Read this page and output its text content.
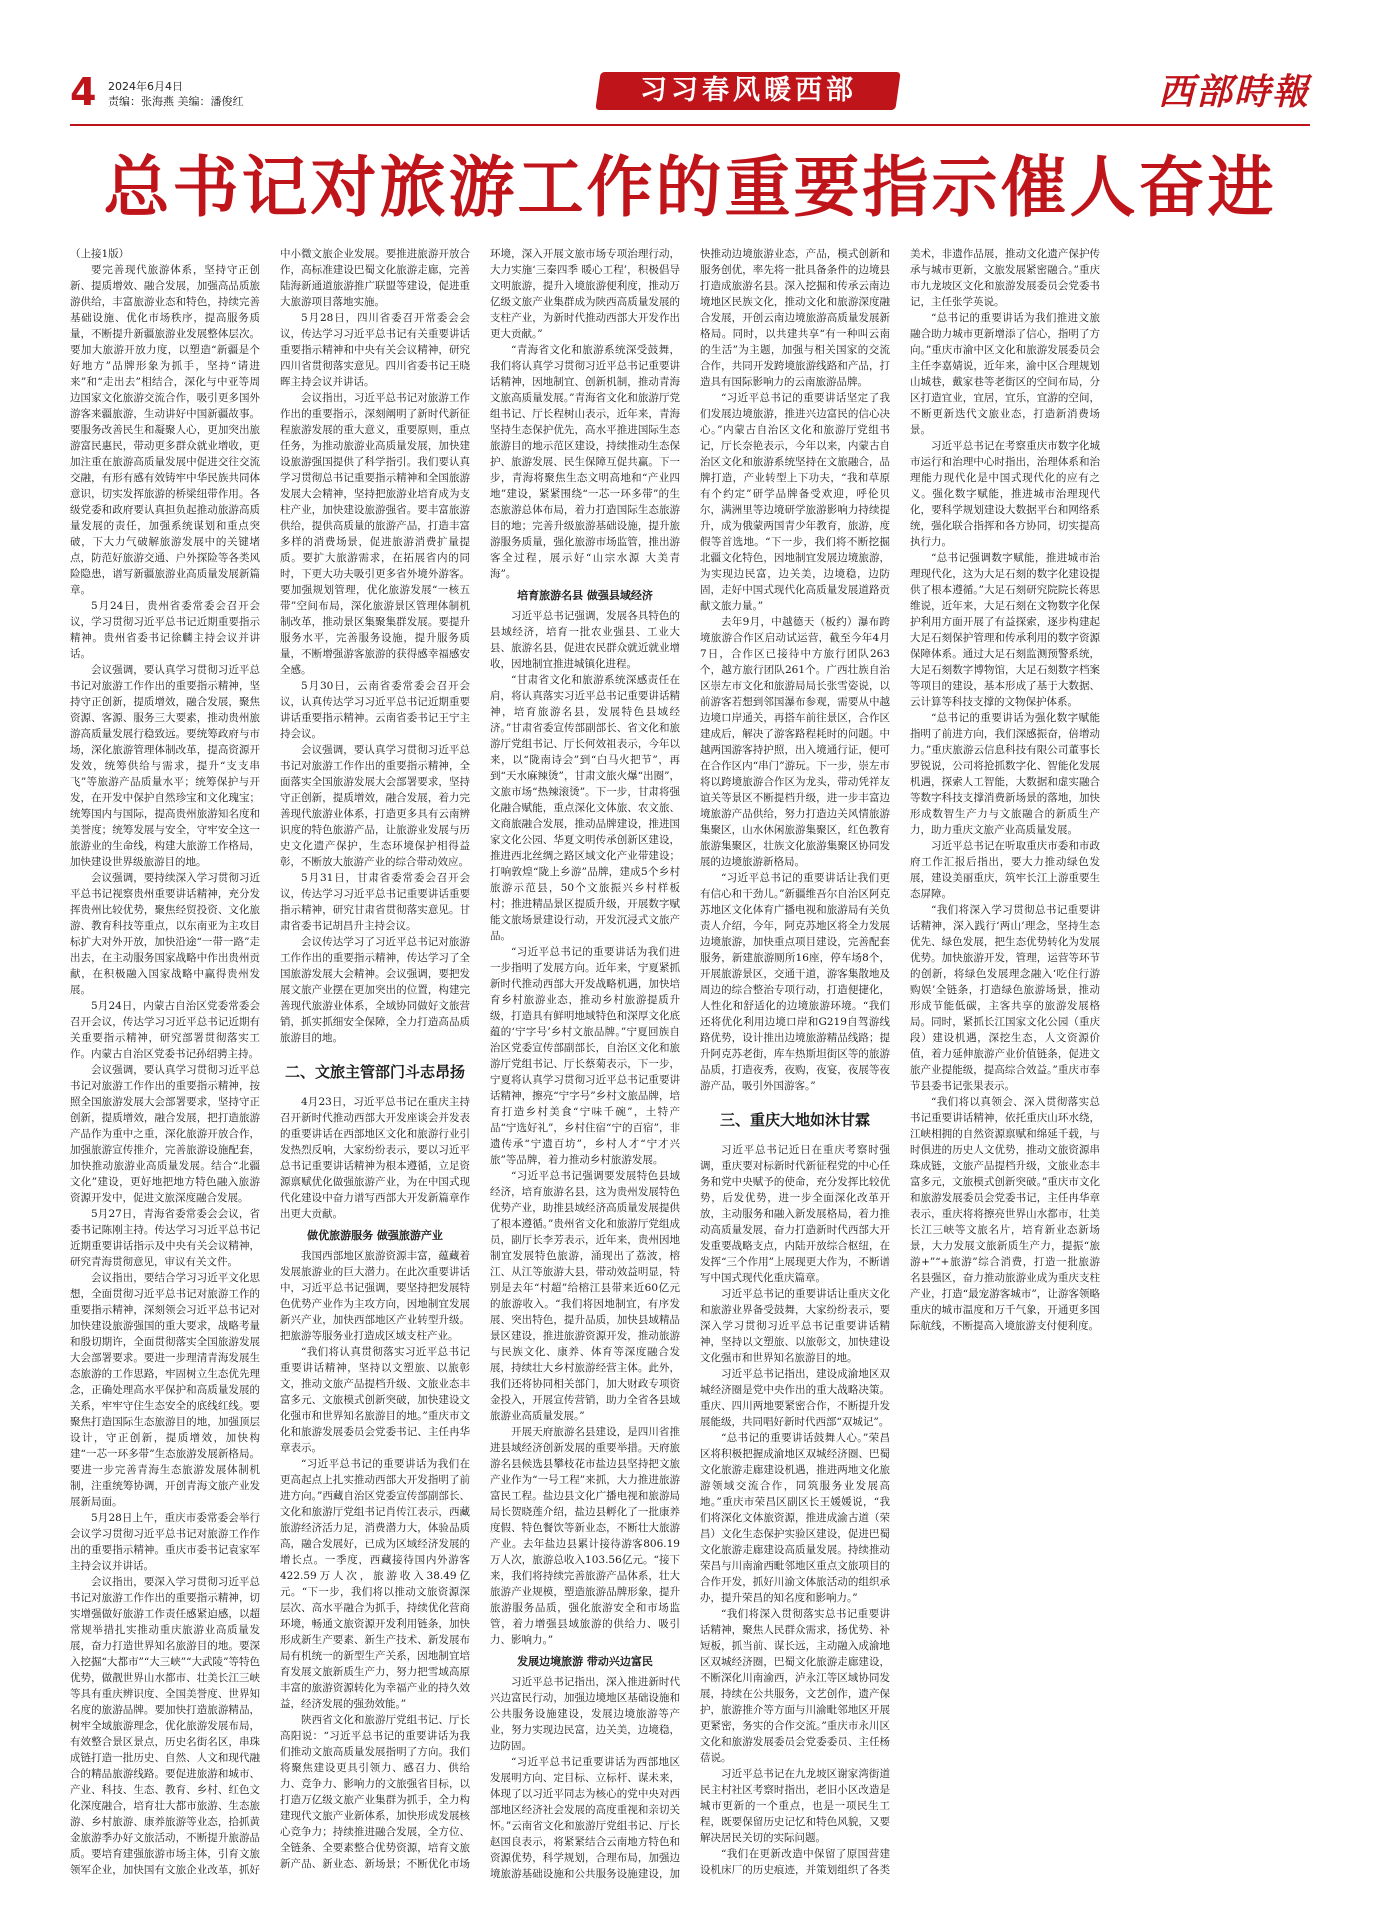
4 2024年6月4日
责编：张海燕 美编：潘俊红	习习春风暖西部	西部時報
总书记对旅游工作的重要指示催人奋进

（上接1版）

要完善现代旅游体系，坚持守正创新、提质增效、融合发展，加强高品质旅游供给，丰富旅游业态和特色，持续完善基础设施、优化市场秩序，提高服务质量，不断提升新疆旅游业发展整体层次。要加大旅游开放力度，以塑造“新疆是个好地方”品牌形象为抓手，坚持“请进来”和“走出去”相结合，深化与中亚等周边国家文化旅游交流合作，吸引更多国外游客来疆旅游，生动讲好中国新疆故事。要服务改善民生和凝聚人心，更加突出旅游富民惠民，带动更多群众就业增收，更加注重在旅游高质量发展中促进交往交流交融，有形有感有效铸牢中华民族共同体意识，切实发挥旅游的桥梁纽带作用。各级党委和政府要认真担负起推动旅游高质量发展的责任，加强系统谋划和重点突破，下大力气破解旅游发展中的关键堵点，防范好旅游交通、户外探险等各类风险隐患，谱写新疆旅游业高质量发展新篇章。

5月24日，贵州省委常委会召开会议，学习贯彻习近平总书记近期重要指示精神。贵州省委书记徐麟主持会议并讲话。

会议强调，要认真学习贯彻习近平总书记对旅游工作作出的重要指示精神，坚持守正创新，提质增效，融合发展，聚焦资源、客源、服务三大要素，推动贵州旅游高质量发展行稳致远。要统筹政府与市场，深化旅游管理体制改革，提高资源开发效，统筹供给与需求，提升“支支串飞”等旅游产品质量水平；统筹保护与开发，在开发中保护自然珍宝和文化瑰宝；统筹国内与国际，提高贵州旅游知名度和美誉度；统筹发展与安全，守牢安全这一旅游业的生命线，构建大旅游工作格局，加快建设世界级旅游目的地。

会议强调，要持续深入学习贯彻习近平总书记视察贵州重要讲话精神，充分发挥贵州比较优势，聚焦经贸投资、文化旅游、教育科技等重点，以东南亚为主攻目标扩大对外开放，加快沿途“一带一路”走出去，在主动服务国家战略中作出贵州贡献，在积极融入国家战略中赢得贵州发展。

5月24日，内蒙古自治区党委常委会召开会议，传达学习习近平总书记近期有关重要指示精神，研究部署贯彻落实工作。内蒙古自治区党委书记孙绍骋主持。

会议强调，要认真学习贯彻习近平总书记对旅游工作作出的重要指示精神，按照全国旅游发展大会部署要求，坚持守正创新，提质增效，融合发展，把打造旅游产品作为重中之重，深化旅游开放合作，加强旅游宣传推介，完善旅游设施配套，加快推动旅游业高质量发展。结合“北疆文化”建设，更好地把地方特色融入旅游资源开发中，促进文旅深度融合发展。

5月27日，青海省委常委会会议，省委书记陈刚主持。传达学习习近平总书记近期重要讲话指示及中央有关会议精神，研究青海贯彻意见，审议有关文件。

会议指出，要结合学习习近平文化思想，全面贯彻习近平总书记对旅游工作的重要指示精神，深刻领会习近平总书记对加快建设旅游强国的重大要求，战略考量和殷切期许，全面贯彻落实全国旅游发展大会部署要求。要进一步理清青海发展生态旅游的工作思路，牢固树立生态优先理念，正确处理高水平保护和高质量发展的关系，牢牢守住生态安全的底线红线。要聚焦打造国际生态旅游目的地，加强顶层设计，守正创新，提质增效，加快构建“一芯一环多带”生态旅游发展新格局。要进一步完善青海生态旅游发展体制机制，注重统筹协调，开创青海文旅产业发展新局面。

5月28日上午，重庆市委常委会举行会议学习贯彻习近平总书记对旅游工作作出的重要指示精神。重庆市委书记袁家军主持会议并讲话。

会议指出，要深入学习贯彻习近平总书记对旅游工作作出的重要指示精神，切实增强做好旅游工作责任感紧迫感，以超常规举措扎实推动重庆旅游业高质量发展，奋力打造世界知名旅游目的地。要深入挖掘“大都市”“大三峡”“大武陵”等特色优势，做靓世界山水都市、壮美长江三峡等具有重庆辨识度、全国美誉度、世界知名度的旅游品牌。要加快打造旅游精品，树牢全域旅游理念，优化旅游发展布局，有效整合景区景点，历史名街名区，串珠成链打造一批历史、自然、人文和现代融合的精品旅游线路。要促进旅游和城市、产业、科技、生态、教育、乡村、红色文化深度融合，培育壮大都市旅游、生态旅游、乡村旅游、康养旅游等业态，拾抓黄金旅游季办好文旅活动，不断提升旅游品质。要培育建强旅游市场主体，引育文旅领军企业，加快国有文旅企业改革，抓好中小微文旅企业发展。要推进旅游开放合作，高标准建设巴蜀文化旅游走廊，完善陆海新通道旅游推广联盟等建设，促进重大旅游项目落地实施。

5月28日，四川省委召开常委会会议，传达学习习近平总书记有关重要讲话重要指示精神和中央有关会议精神，研究四川省贯彻落实意见。四川省委书记王晓晖主持会议并讲话。

会议指出，习近平总书记对旅游工作作出的重要指示，深刻阐明了新时代新征程旅游发展的重大意义，重要原则，重点任务，为推动旅游业高质量发展，加快建设旅游强国提供了科学指引。我们要认真学习贯彻总书记重要指示精神和全国旅游发展大会精神，坚持把旅游业培育成为支柱产业，加快建设旅游强省。要丰富旅游供给，提供高质量的旅游产品，打造丰富多样的消费场景，促进旅游消费扩量提质。要扩大旅游需求，在拓展省内的同时，下更大功夫吸引更多省外境外游客。要加强规划管理，优化旅游发展“一核五带”空间布局，深化旅游景区管理体制机制改革，推动景区集聚集群发展。要提升服务水平，完善服务设施，提升服务质量，不断增强游客旅游的获得感幸福感安全感。

5月30日，云南省委常委会召开会议，认真传达学习习近平总书记近期重要讲话重要指示精神。云南省委书记王宁主持会议。

会议强调，要认真学习贯彻习近平总书记对旅游工作作出的重要指示精神，全面落实全国旅游发展大会部署要求，坚持守正创新，提质增效，融合发展，着力完善现代旅游业体系，打造更多具有云南辨识度的特色旅游产品，让旅游业发展与历史文化遗产保护，生态环境保护相得益彰，不断放大旅游产业的综合带动效应。

5月31日，甘肃省委常委会召开会议，传达学习习近平总书记重要讲话重要指示精神，研究甘肃省贯彻落实意见。甘肃省委书记胡昌升主持会议。

会议传达学习了习近平总书记对旅游工作作出的重要指示精神，传达学习了全国旅游发展大会精神。会议强调，要把发展文旅产业摆在更加突出的位置，构建完善现代旅游业体系，全域协同做好文旅营销，抓实抓细安全保障，全力打造高品质旅游目的地。

二、文旅主管部门斗志昂扬

4月23日，习近平总书记在重庆主持召开新时代推动西部大开发座谈会并发表的重要讲话在西部地区文化和旅游行业引发热烈反响，大家纷纷表示，要以习近平总书记重要讲话精神为根本遵循，立足资源禀赋优化做强旅游产业，为在中国式现代化建设中奋力谱写西部大开发新篇章作出更大贡献。

做优旅游服务 做强旅游产业

我国西部地区旅游资源丰富，蕴藏着发展旅游业的巨大潜力。在此次重要讲话中，习近平总书记强调，要坚持把发展特色优势产业作为主攻方向，因地制宜发展新兴产业，加快西部地区产业转型升级。把旅游等服务业打造成区域支柱产业。

“我们将认真贯彻落实习近平总书记重要讲话精神，坚持以文塑旅、以旅彰文，推动文旅产品提档升级、文旅业态丰富多元、文旅模式创新突破，加快建设文化强市和世界知名旅游目的地。”重庆市文化和旅游发展委员会党委书记、主任冉华章表示。

“习近平总书记的重要讲话为我们在更高起点上扎实推动西部大开发指明了前进方向。”西藏自治区党委宣传部副部长、文化和旅游厅党组书记肖传江表示，西藏旅游经济活力足，消费潜力大，体验品质高，融合发展好，已成为区域经济发展的增长点。一季度，西藏接待国内外游客422.59万人次，旅游收入38.49亿元。“下一步，我们将以推动文旅资源深层次、高水平融合为抓手，持续优化营商环境，畅通文旅资源开发利用链条，加快形成新生产要素、新生产技术、新发展布局有机统一的新型生产关系，因地制宜培育发展文旅新质生产力，努力把雪域高原丰富的旅游资源转化为幸福产业的持久效益，经济发展的强劲效能。”

陕西省文化和旅游厅党组书记、厅长高阳说：“习近平总书记的重要讲话为我们推动文旅高质量发展指明了方向。我们将聚焦建设更具引领力、感召力、供给力、竞争力、影响力的文旅强省目标，以打造万亿级文旅产业集群为抓手，全力构建现代文旅产业新体系，加快形成发展核心竞争力；持续推进融合发展，全方位、全链条、全要素整合优势资源，培育文旅新产品、新业态、新场景；不断优化市场环境，深入开展文旅市场专项治理行动，大力实施‘三秦四季 暖心工程’，积极倡导文明旅游，提升入境旅游便利度，推动万亿级文旅产业集群成为陕西高质量发展的支柱产业，为新时代推动西部大开发作出更大贡献。”

“青海省文化和旅游系统深受鼓舞，我们将认真学习贯彻习近平总书记重要讲话精神，因地制宜、创新机制，推动青海文旅高质量发展。”青海省文化和旅游厅党组书记、厅长程树山表示，近年来，青海坚持生态保护优先，高水平推进国际生态旅游目的地示范区建设，持续推动生态保护、旅游发展、民生保障互促共赢。下一步，青海将聚焦生态文明高地和“产业四地”建设，紧紧围绕“一芯一环多带”的生态旅游总体布局，着力打造国际生态旅游目的地；完善升级旅游基础设施，提升旅游服务质量，强化旅游市场监管，推出游客全过程，展示好“山宗水源 大美青海”。

培育旅游名县 做强县域经济

习近平总书记强调，发展各具特色的县域经济，培育一批农业强县、工业大县、旅游名县，促进农民群众就近就业增收，因地制宜推进城镇化进程。

“甘肃省文化和旅游系统深感责任在肩，将认真落实习近平总书记重要讲话精神，培育旅游名县，发展特色县域经济。”甘肃省委宣传部副部长、省文化和旅游厅党组书记、厅长何效祖表示，今年以来，以“陇南诗会”到“白马火把节”，再到“天水麻辣烫”，甘肃文旅火爆“出圈”，文旅市场“热辣滚烫”。下一步，甘肃将强化融合赋能，重点深化文体旅、农文旅、文商旅融合发展，推动品牌建设，推进国家文化公园、华夏文明传承创新区建设，推进西北丝绸之路区域文化产业带建设；打响敦煌“陇上乡游”品牌，建成5个乡村旅游示范县，50个文旅振兴乡村样板村；推进精品景区提质升级，开展数字赋能文旅场景建设行动，开发沉浸式文旅产品。

“习近平总书记的重要讲话为我们进一步指明了发展方向。近年来，宁夏紧抓新时代推动西部大开发战略机遇，加快培育乡村旅游业态，推动乡村旅游提质升级，打造具有鲜明地域特色和深厚文化底蕴的‘宁字号’乡村文旅品牌。”宁夏回族自治区党委宣传部副部长，自治区文化和旅游厅党组书记、厅长蔡菊表示，下一步，宁夏将认真学习贯彻习近平总书记重要讲话精神，擦亮“宁字号”乡村文旅品牌，培育打造乡村美食“宁味千碗”，土特产品“宁选好礼”，乡村住宿“宁的百宿”，非遗传承“宁遗百坊”，乡村人才“宁才兴旅”等品牌，着力推动乡村旅游发展。

“习近平总书记强调要发展特色县域经济，培育旅游名县，这为贵州发展特色优势产业，助推县域经济高质量发展提供了根本遵循。”贵州省文化和旅游厅党组成员，副厅长李芳表示，近年来，贵州因地制宜发展特色旅游，涌现出了荔波，榕江、从江等旅游大县，带动效益明显，特别是去年“村超”给榕江县带来近60亿元的旅游收入。“我们将因地制宜，有序发展、突出特色，提升品质，加快县域精品景区建设，推进旅游资源开发，推动旅游与民族文化、康养、体育等深度融合发展，持续壮大乡村旅游经营主体。此外，我们还将协同相关部门，加大财政专项资金投入，开展宣传营销，助力全省各县域旅游业高质量发展。”

开展天府旅游名县建设，是四川省推进县域经济创新发展的重要举措。天府旅游名县候选县攀枝花市盐边县坚持把文旅产业作为“一号工程”来抓，大力推进旅游富民工程。盐边县文化广播电视和旅游局局长贺晓莲介绍，盐边县孵化了一批康养度假、特色餐饮等新业态，不断壮大旅游产业。去年盐边县累计接待游客806.19万人次，旅游总收入103.56亿元。“接下来，我们将持续完善旅游产品体系，壮大旅游产业规模，塑造旅游品牌形象，提升旅游服务品质，强化旅游安全和市场监管，着力增强县域旅游的供给力、吸引力、影响力。”

发展边境旅游 带动兴边富民

习近平总书记指出，深入推进新时代兴边富民行动，加强边境地区基础设施和公共服务设施建设，发展边境旅游等产业，努力实现边民富，边关美，边境稳，边防固。

“习近平总书记重要讲话为西部地区发展明方向、定目标、立标杆、谋未来，体现了以习近平同志为核心的党中央对西部地区经济社会发展的高度重视和亲切关怀。”云南省文化和旅游厅党组书记、厅长赵国良表示，将紧紧结合云南地方特色和资源优势，科学规划，合理布局，加强边境旅游基础设施和公共服务设施建设，加快推动边境旅游业态，产品，模式创新和服务创优，率先将一批具备条件的边境县打造成旅游名县。深入挖掘和传承云南边境地区民族文化，推动文化和旅游深度融合发展，开创云南边境旅游高质量发展新格局。同时，以共建共享“有一种叫云南的生活”为主题，加强与相关国家的交流合作，共同开发跨境旅游线路和产品，打造具有国际影响力的云南旅游品牌。

“习近平总书记的重要讲话坚定了我们发展边境旅游，推进兴边富民的信心决心。”内蒙古自治区文化和旅游厅党组书记，厅长奈艳表示，今年以来，内蒙古自治区文化和旅游系统坚持在文旅融合，品牌打造，产业转型上下功夫，“我和草原有个约定”研学品牌备受欢迎，呼伦贝尔，满洲里等边境研学旅游影响力持续提升，成为俄蒙两国青少年教育，旅游，度假等首选地。“下一步，我们将不断挖掘北疆文化特色，因地制宜发展边境旅游，为实现边民富，边关美，边境稳，边防固，走好中国式现代化高质量发展道路贡献文旅力量。”

去年9月，中越德天（板约）瀑布跨境旅游合作区启动试运营，截至今年4月7日，合作区已接待中方旅行团队263个，越方旅行团队261个。广西壮族自治区崇左市文化和旅游局局长张雪姿说，以前游客若想到邻国瀑布参观，需要从中越边境口岸通关，再搭车前往景区，合作区建成后，解决了游客路程耗时的问题。中越两国游客持护照，出入境通行证，便可在合作区内“串门”游玩。下一步，崇左市将以跨境旅游合作区为龙头，带动凭祥友谊关等景区不断提档升级，进一步丰富边境旅游产品供给，努力打造边关风情旅游集聚区，山水休闲旅游集聚区，红色教育旅游集聚区，壮族文化旅游集聚区协同发展的边境旅游新格局。

“习近平总书记的重要讲话让我们更有信心和干劲儿。”新疆维吾尔自治区阿克苏地区文化体育广播电视和旅游局有关负责人介绍，今年，阿克苏地区将全力发展边境旅游，加快重点项目建设，完善配套服务，新建旅游厕所16座，停车场8个，开展旅游景区，交通干道，游客集散地及周边的综合整治专项行动，打造便捷化，人性化和舒适化的边境旅游环境。“我们还将优化利用边境口岸和G219自驾游线路优势，设计推出边境旅游精品线路；提升阿克苏老街，库车热斯坦街区等的旅游品质，打造夜秀，夜购，夜宴，夜展等夜游产品，吸引外国游客。”

三、重庆大地如沐甘霖

习近平总书记近日在重庆考察时强调，重庆要对标新时代新征程党的中心任务和党中央赋予的使命，充分发挥比较优势，后发优势，进一步全面深化改革开放，主动服务和融入新发展格局，着力推动高质量发展，奋力打造新时代西部大开发重要战略支点，内陆开放综合枢纽，在发挥“三个作用”上展现更大作为，不断谱写中国式现代化重庆篇章。

习近平总书记的重要讲话让重庆文化和旅游业界备受鼓舞，大家纷纷表示，要深入学习贯彻习近平总书记重要讲话精神，坚持以文塑旅、以旅彰文，加快建设文化强市和世界知名旅游目的地。

习近平总书记指出，建设成渝地区双城经济圈是党中央作出的重大战略决策。重庆、四川两地要紧密合作，不断提升发展能级，共同唱好新时代西部“双城记”。

“总书记的重要讲话鼓舞人心。”荣昌区将积极把握成渝地区双城经济圈、巴蜀文化旅游走廊建设机遇，推进两地文化旅游领域交流合作，同筑服务业发展高地。”重庆市荣昌区副区长王媛媛说，“我们将深化文体旅资源，推进成渝古道（荣昌）文化生态保护实验区建设，促进巴蜀文化旅游走廊建设高质量发展。持续推动荣昌与川南渝西毗邻地区重点文旅项目的合作开发，抓好川渝文体旅活动的组织承办，提升荣昌的知名度和影响力。”

“我们将深入贯彻落实总书记重要讲话精神，聚焦人民群众需求，扬优势、补短板，抓当前、谋长远，主动融入成渝地区双城经济圈，巴蜀文化旅游走廊建设，不断深化川南渝西，泸永江等区域协同发展，持续在公共服务，文艺创作，遗产保护，旅游推介等方面与川渝毗邻地区开展更紧密，务实的合作交流。”重庆市永川区文化和旅游发展委员会党委委员、主任杨蓓说。

习近平总书记在九龙坡区谢家湾街道民主村社区考察时指出，老旧小区改造是城市更新的一个重点，也是一项民生工程，既要保留历史记忆和特色风貌，又要解决居民关切的实际问题。

“我们在更新改造中保留了原国营建设机床厂的历史痕迹，并策划组织了各类美术，非遗作品展，推动文化遗产保护传承与城市更新，文旅发展紧密融合。”重庆市九龙坡区文化和旅游发展委员会党委书记，主任张学英说。

“总书记的重要讲话为我们推进文旅融合助力城市更新增添了信心，指明了方向。”重庆市渝中区文化和旅游发展委员会主任李嘉婧说，近年来，渝中区合理规划山城巷，戴家巷等老街区的空间布局，分区打造宜业，宜居，宜乐，宜游的空间，不断更新迭代文旅业态，打造新消费场景。

习近平总书记在考察重庆市数字化城市运行和治理中心时指出，治理体系和治理能力现代化是中国式现代化的应有之义。强化数字赋能，推进城市治理现代化，要科学规划建设大数据平台和网络系统，强化联合指挥和各方协同，切实提高执行力。

“总书记强调数字赋能，推进城市治理现代化，这为大足石刻的数字化建设提供了根本遵循。”大足石刻研究院院长蒋思维说，近年来，大足石刻在文物数字化保护利用方面开展了有益探索，逐步构建起大足石刻保护管理和传承利用的数字资源保障体系。通过大足石刻监测预警系统，大足石刻数字博物馆，大足石刻数字档案等项目的建设，基本形成了基于大数据、云计算等科技支撑的文物保护体系。

“总书记的重要讲话为强化数字赋能指明了前进方向，我们深感振奋，倍增动力。”重庆旅游云信息科技有限公司董事长罗锐说，公司将抢抓数字化、智能化发展机遇，探索人工智能，大数据和虚实融合等数字科技支撑消费新场景的落地，加快形成数智生产力与文旅融合的新质生产力，助力重庆文旅产业高质量发展。

习近平总书记在听取重庆市委和市政府工作汇报后指出，要大力推动绿色发展，建设美丽重庆，筑牢长江上游重要生态屏障。

“我们将深入学习贯彻总书记重要讲话精神，深入践行‘两山’理念，坚持生态优先、绿色发展，把生态优势转化为发展优势。加快旅游开发，管理，运营等环节的创新，将绿色发展理念融入‘吃住行游购娱’全链条，打造绿色旅游场景，推动形成节能低碳，主客共享的旅游发展格局。同时，紧抓长江国家文化公园（重庆段）建设机遇，深挖生态，人文资源价值，着力延伸旅游产业价值链条，促进文旅产业提能级，提高综合效益。”重庆市奉节县委书记张果表示。

“我们将以真领会、深入贯彻落实总书记重要讲话精神，依托重庆山环水绕，江峡相拥的自然资源禀赋和绵延千载，与时俱进的历史人文优势，推动文旅资源串珠成链，文旅产品提档升级，文旅业态丰富多元，文旅模式创新突破。”重庆市文化和旅游发展委员会党委书记，主任冉华章表示，重庆将将擦亮世界山水都市，壮美长江三峡等文旅名片，培育新业态新场景，大力发展文旅新质生产力，提振“旅游+”“+旅游”综合消费，打造一批旅游名县强区，奋力推动旅游业成为重庆支柱产业，打造“最宠游客城市”，让游客领略重庆的城市温度和万千气象，开通更多国际航线，不断提高入境旅游支付便利度。
